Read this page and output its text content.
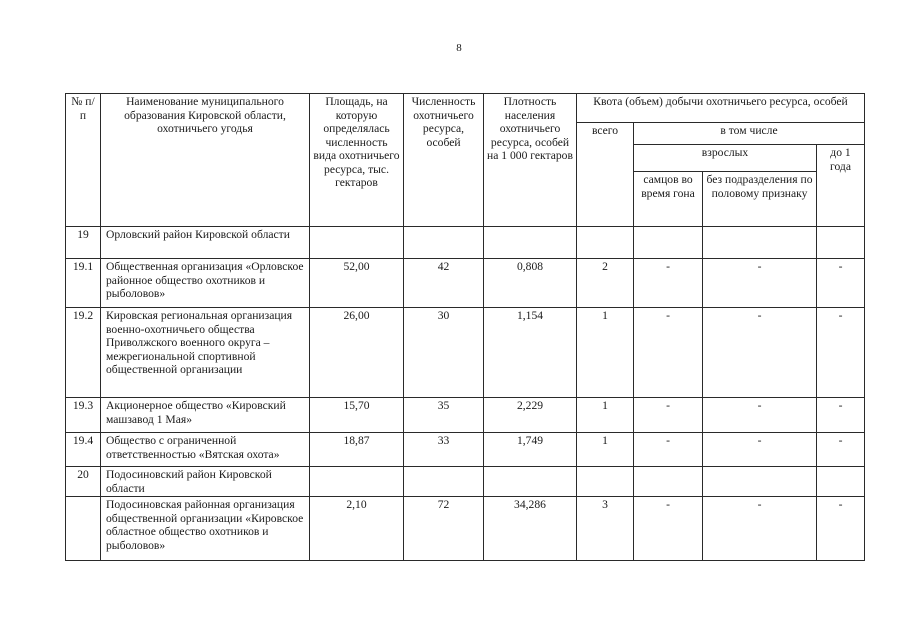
8
№ п/п	Наименование муниципального образования Кировской области, охотничьего угодья	Площадь, на которую определялась численность вида охотничьего ресурса, тыс. гектаров	Численность охотничьего ресурса, особей	Плотность населения охотничьего ресурса, особей на 1 000 гектаров	Квота (объем) добычи охотничьего ресурса, особей			
					всего	в том числе		
						взрослых		до 1 года
						самцов во время гона	без подразделения по половому признаку	
19	Орловский район Кировской области							
19.1	Общественная организация «Орловское районное общество охотников и рыболовов»	52,00	42	0,808	2	-	-	-
19.2	Кировская региональная организация военно-охотничьего общества Приволжского военного округа – межрегиональной спортивной общественной организации	26,00	30	1,154	1	-	-	-
19.3	Акционерное общество «Кировский машзавод 1 Мая»	15,70	35	2,229	1	-	-	-
19.4	Общество с ограниченной ответственностью «Вятская охота»	18,87	33	1,749	1	-	-	-
20	Подосиновский район Кировской области							
	Подосиновская районная организация общественной организации «Кировское областное общество охотников и рыболовов»	2,10	72	34,286	3	-	-	-
